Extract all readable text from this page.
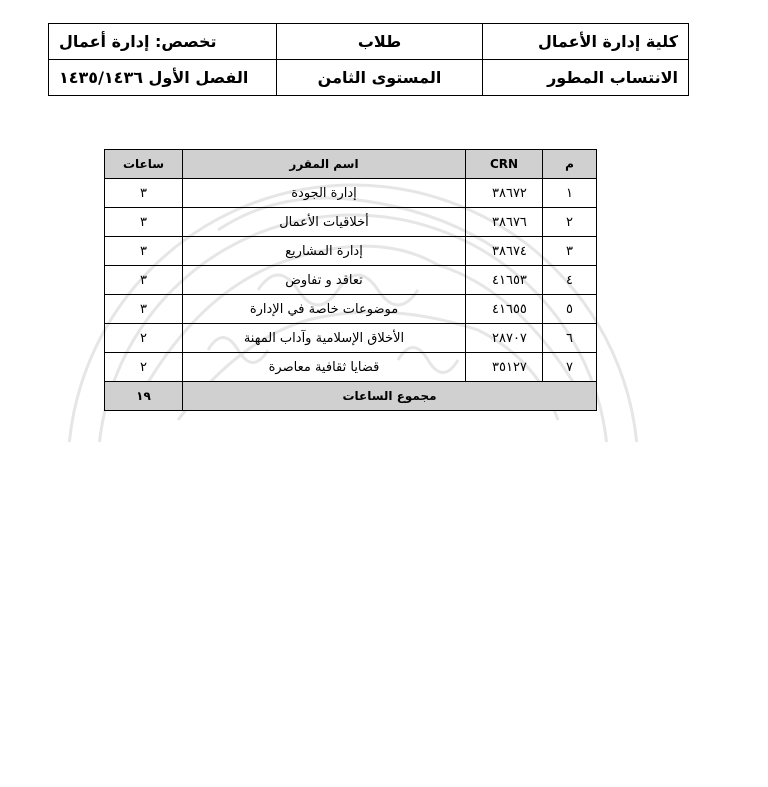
كلية إدارة الأعمال	طلاب	تخصص: إدارة أعمال
الانتساب المطور	المستوى الثامن	الفصل الأول ١٤٣٥/١٤٣٦
م	CRN	اسم المقرر	ساعات
١	٣٨٦٧٢	إدارة الجودة	٣
٢	٣٨٦٧٦	أخلاقيات الأعمال	٣
٣	٣٨٦٧٤	إدارة المشاريع	٣
٤	٤١٦٥٣	تعاقد و تفاوض	٣
٥	٤١٦٥٥	موضوعات خاصة في الإدارة	٣
٦	٢٨٧٠٧	الأخلاق الإسلامية وآداب المهنة	٢
٧	٣٥١٢٧	قضايا ثقافية معاصرة	٢
مجموع الساعات			١٩
